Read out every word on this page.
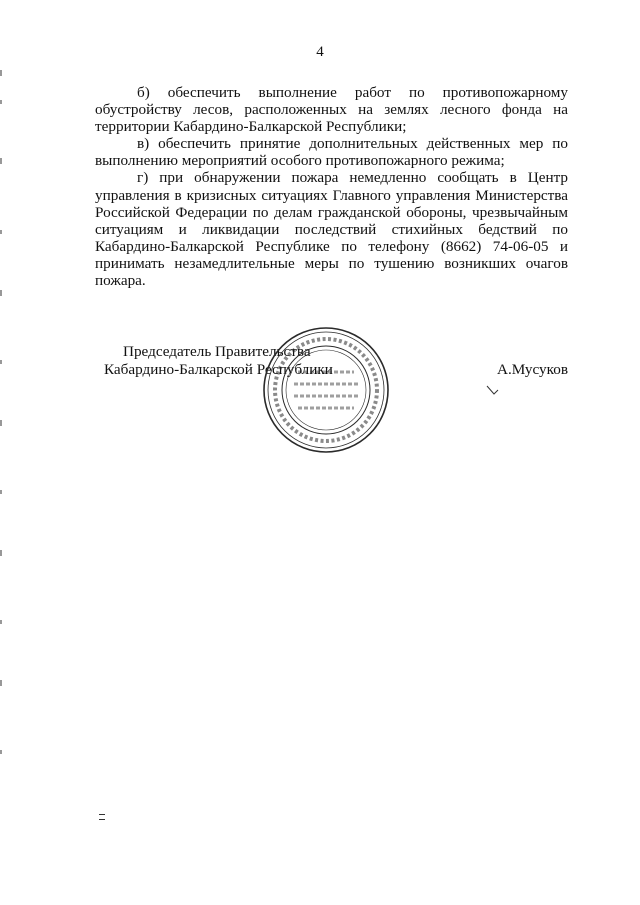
4

б) обеспечить выполнение работ по противопожарному обустройству лесов, расположенных на землях лесного фонда на территории Кабардино-Балкарской Республики;

в) обеспечить принятие дополнительных действенных мер по выполнению мероприятий особого противопожарного режима;

г) при обнаружении пожара немедленно сообщать в Центр управления в кризисных ситуациях Главного управления Министерства Российской Федерации по делам гражданской обороны, чрезвычайным ситуациям и ликвидации последствий стихийных бедствий по Кабардино-Балкарской Республике по телефону (8662) 74-06-05 и принимать незамедлительные меры по тушению возникших очагов пожара.

Председатель Правительства
Кабардино-Балкарской Республики	А.Мусуков
